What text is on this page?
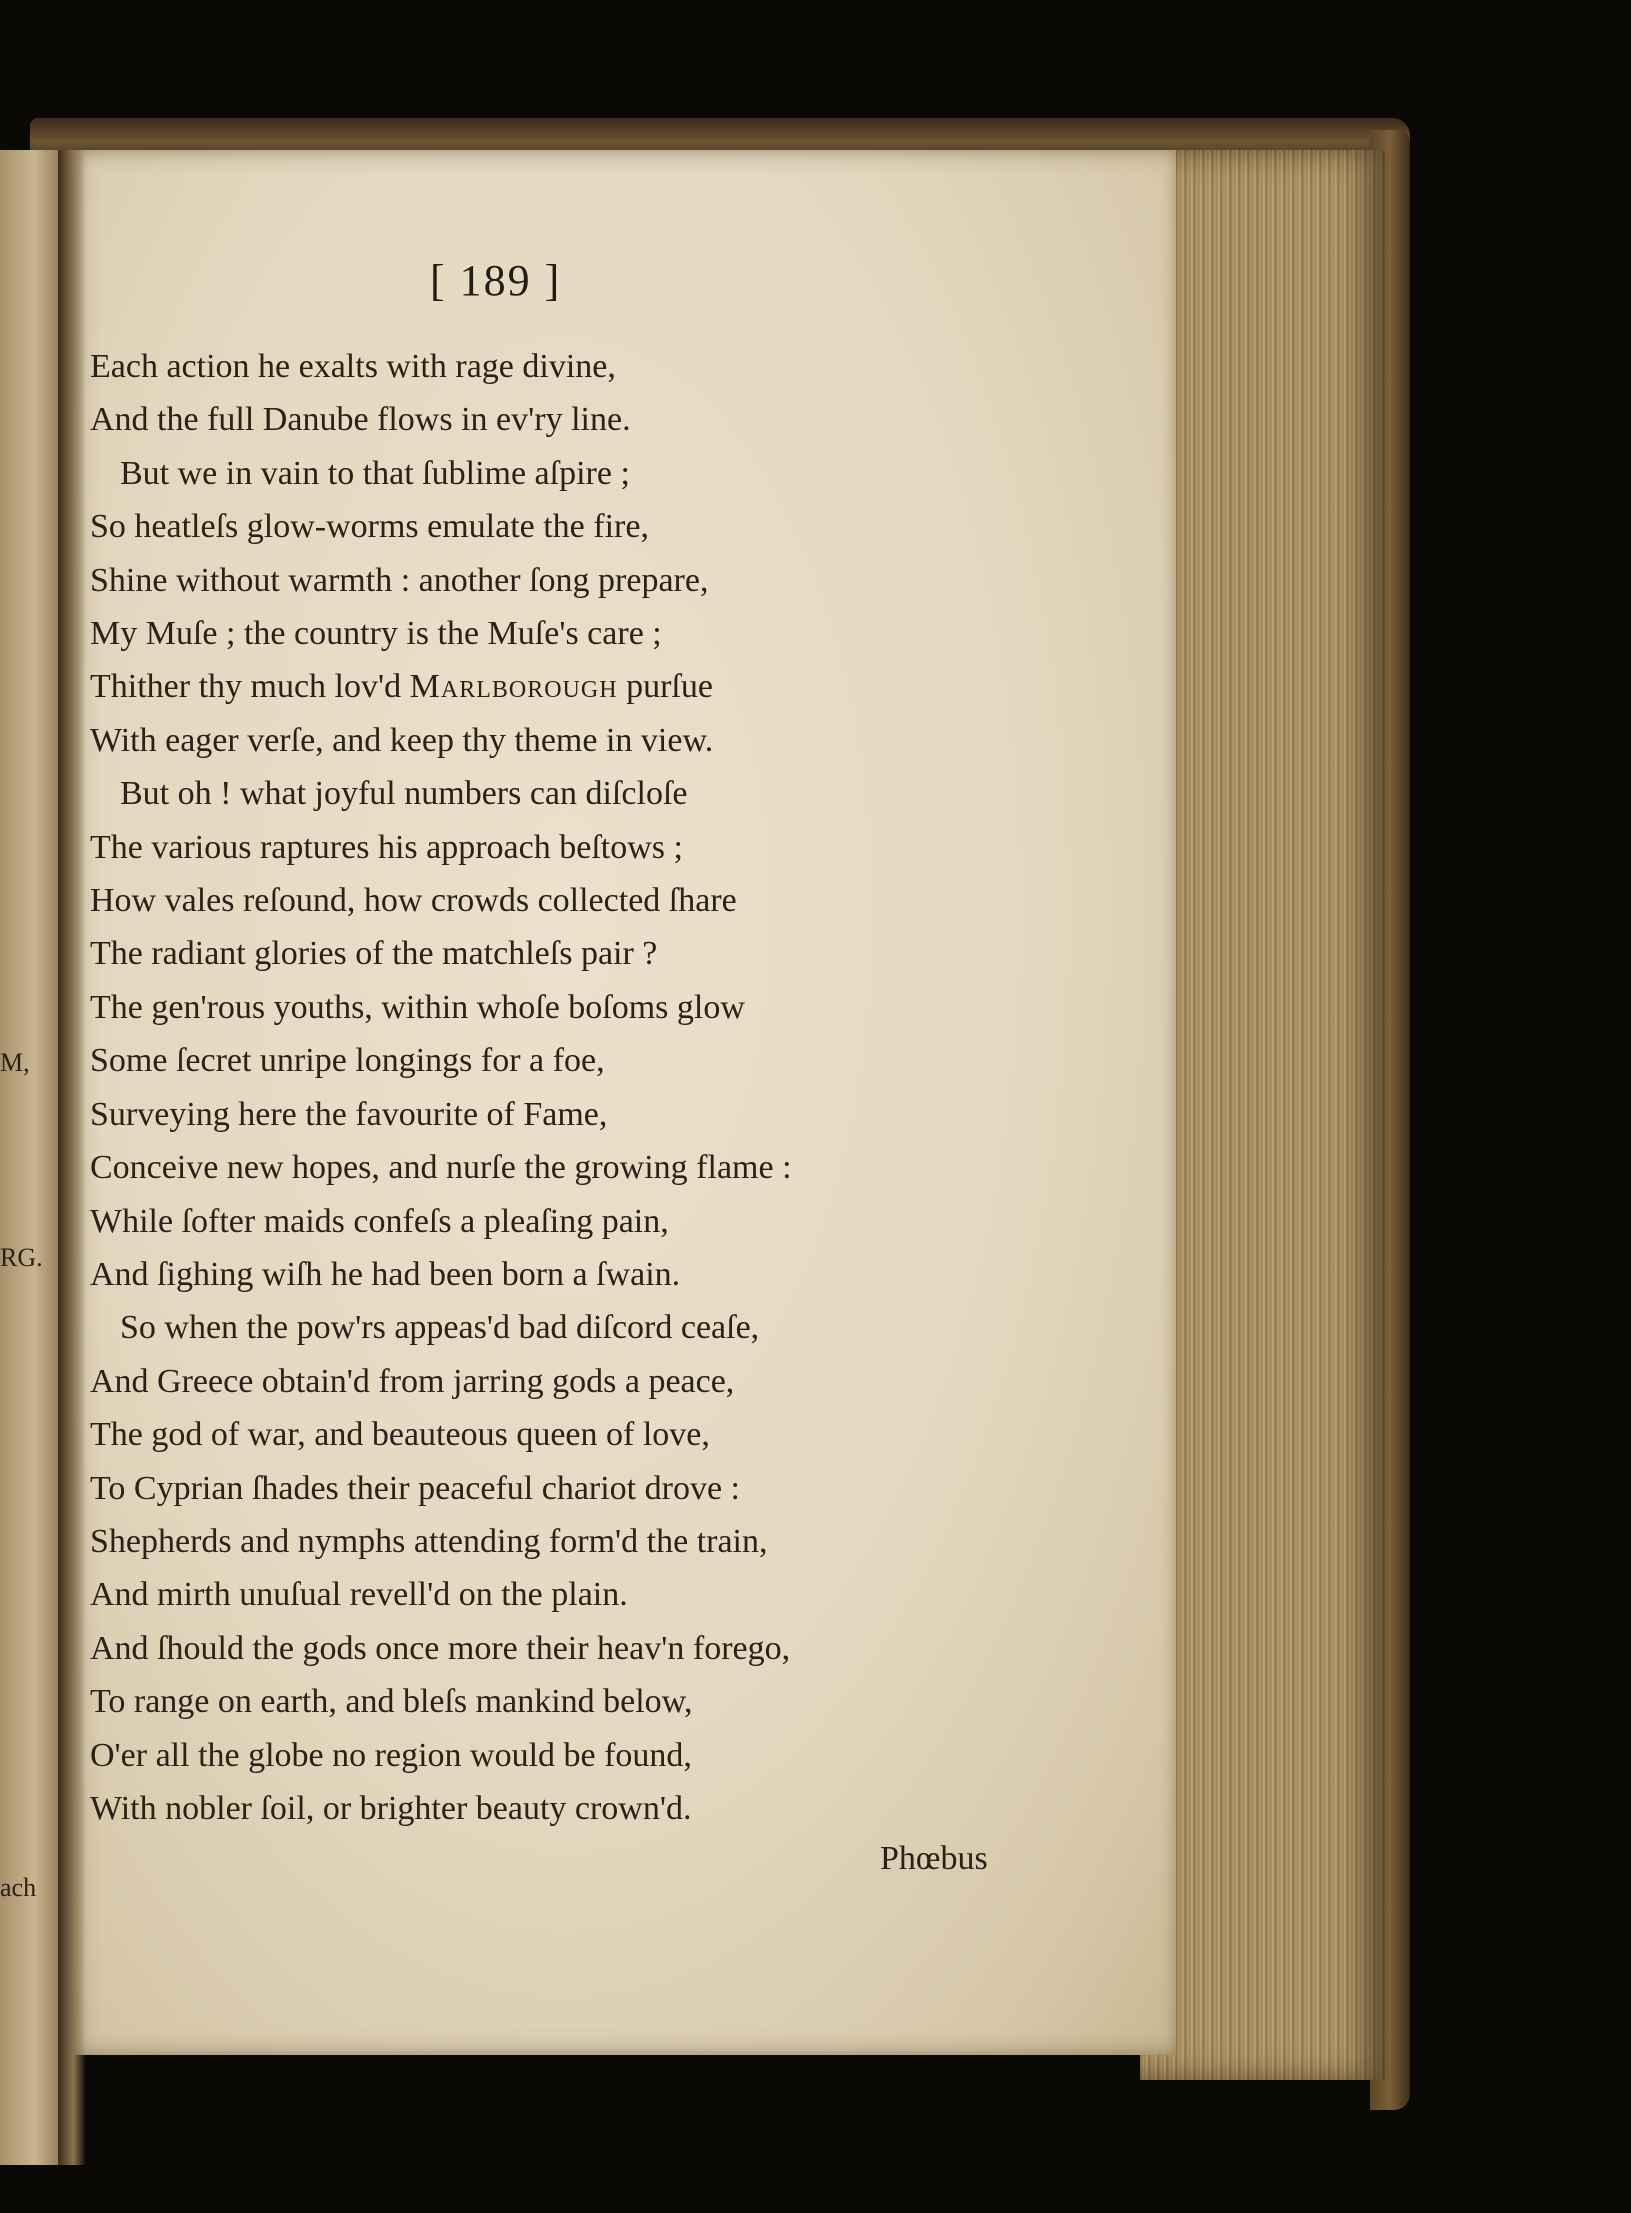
M,
RG.
ach
[ 189 ]
Each action he exalts with rage divine,
And the full Danube flows in ev'ry line.
But we in vain to that ſublime aſpire ;
So heatleſs glow-worms emulate the fire,
Shine without warmth : another ſong prepare,
My Muſe ; the country is the Muſe's care ;
Thither thy much lov'd Marlborough purſue
With eager verſe, and keep thy theme in view.
But oh ! what joyful numbers can diſcloſe
The various raptures his approach beſtows ;
How vales reſound, how crowds collected ſhare
The radiant glories of the matchleſs pair ?
The gen'rous youths, within whoſe boſoms glow
Some ſecret unripe longings for a foe,
Surveying here the favourite of Fame,
Conceive new hopes, and nurſe the growing flame :
While ſofter maids confeſs a pleaſing pain,
And ſighing wiſh he had been born a ſwain.
So when the pow'rs appeas'd bad diſcord ceaſe,
And Greece obtain'd from jarring gods a peace,
The god of war, and beauteous queen of love,
To Cyprian ſhades their peaceful chariot drove :
Shepherds and nymphs attending form'd the train,
And mirth unuſual revell'd on the plain.
And ſhould the gods once more their heav'n forego,
To range on earth, and bleſs mankind below,
O'er all the globe no region would be found,
With nobler ſoil, or brighter beauty crown'd.
Phœbus
